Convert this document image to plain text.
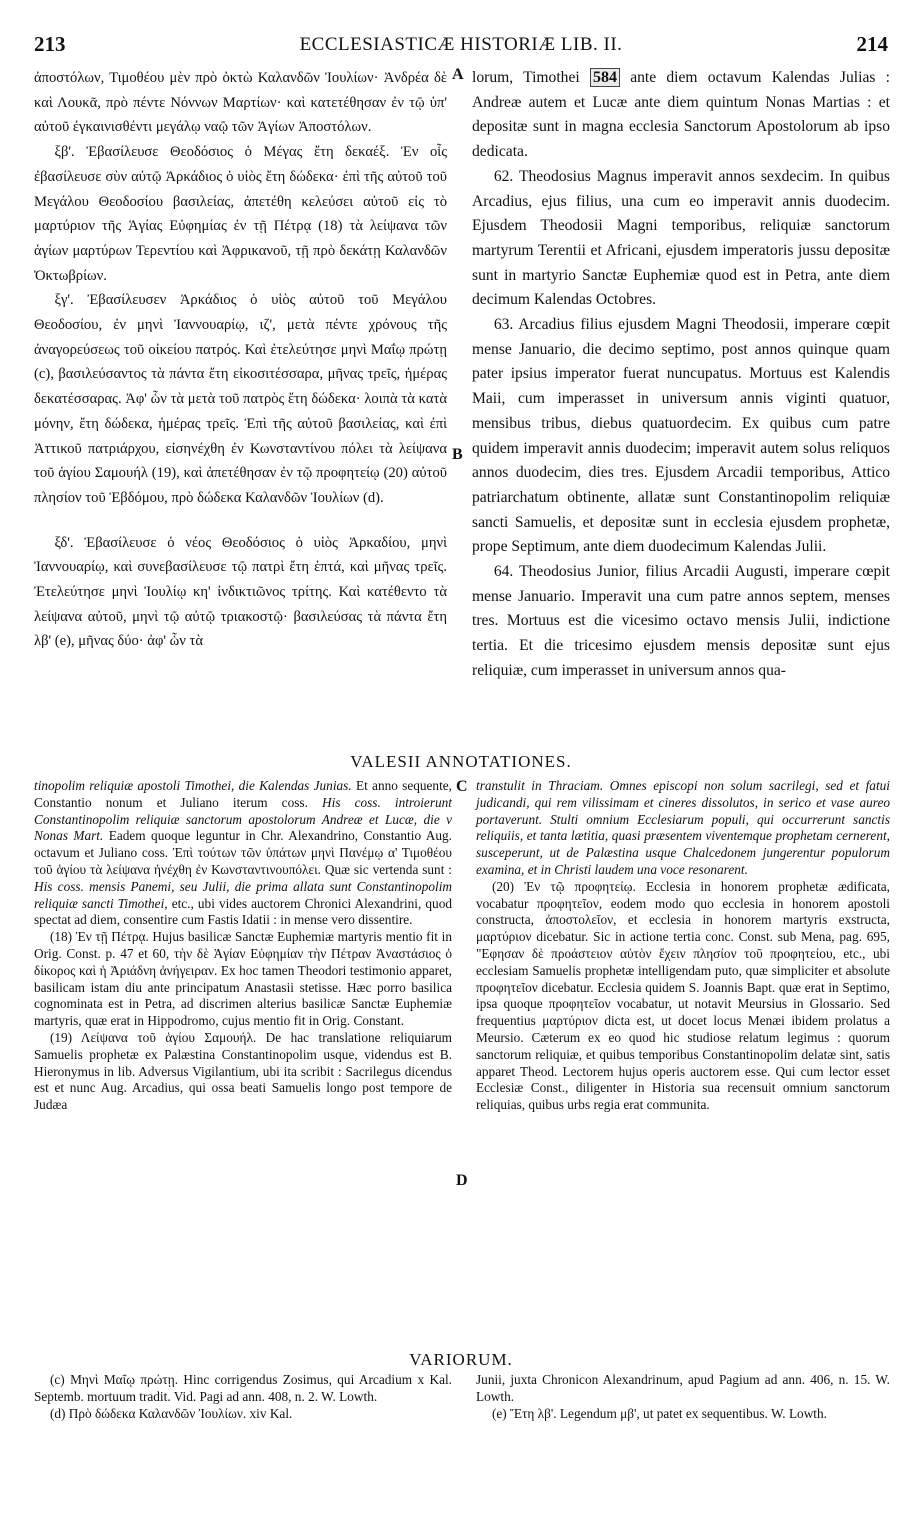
213	ECCLESIASTICÆ HISTORIÆ LIB. II.	214

ἀποστόλων, Τιμοθέου μὲν πρὸ ὀκτὼ Καλανδῶν Ἰουλίων· Ἀνδρέα δὲ καὶ Λουκᾶ, πρὸ πέντε Νόννων Μαρτίων· καὶ κατετέθησαν ἐν τῷ ὑπ' αὐτοῦ ἐγκαινισθέντι μεγάλῳ ναῷ τῶν Ἁγίων Ἀποστόλων.

ξβ'. Ἐβασίλευσε Θεοδόσιος ὁ Μέγας ἔτη δεκαέξ. Ἐν οἷς ἐβασίλευσε σὺν αὐτῷ Ἀρκάδιος ὁ υἱὸς ἔτη δώδεκα· ἐπὶ τῆς αὐτοῦ τοῦ Μεγάλου Θεοδοσίου βασιλείας, ἀπετέθη κελεύσει αὐτοῦ εἰς τὸ μαρτύριον τῆς Ἁγίας Εὐφημίας ἐν τῇ Πέτρᾳ (18) τὰ λείψανα τῶν ἁγίων μαρτύρων Τερεντίου καὶ Ἀφρικανοῦ, τῇ πρὸ δεκάτῃ Καλανδῶν Ὀκτωβρίων.

ξγ'. Ἐβασίλευσεν Ἀρκάδιος ὁ υἱὸς αὐτοῦ τοῦ Μεγάλου Θεοδοσίου, ἐν μηνὶ Ἰαννουαρίῳ, ιζ', μετὰ πέντε χρόνους τῆς ἀναγορεύσεως τοῦ οἰκείου πατρός. Καὶ ἐτελεύτησε μηνὶ Μαΐῳ πρώτῃ (c), βασιλεύσαντος τὰ πάντα ἔτη εἰκοσιτέσσαρα, μῆνας τρεῖς, ἡμέρας δεκατέσσαρας. Ἀφ' ὧν τὰ μετὰ τοῦ πατρὸς ἔτη δώδεκα· λοιπὰ τὰ κατὰ μόνην, ἔτη δώδεκα, ἡμέρας τρεῖς. Ἐπὶ τῆς αὐτοῦ βασιλείας, καὶ ἐπὶ Ἀττικοῦ πατριάρχου, εἰσηνέχθη ἐν Κωνσταντίνου πόλει τὰ λείψανα τοῦ ἁγίου Σαμουήλ (19), καὶ ἀπετέθησαν ἐν τῷ προφητείῳ (20) αὐτοῦ πλησίον τοῦ Ἑβδόμου, πρὸ δώδεκα Καλανδῶν Ἰουλίων (d).

ξδ'. Ἐβασίλευσε ὁ νέος Θεοδόσιος ὁ υἱὸς Ἀρκαδίου, μηνὶ Ἰαννουαρίῳ, καὶ συνεβασίλευσε τῷ πατρὶ ἔτη ἑπτά, καὶ μῆνας τρεῖς. Ἐτελεύτησε μηνὶ Ἰουλίῳ κη' ἰνδικτιῶνος τρίτης. Καὶ κατέθεντο τὰ λείψανα αὐτοῦ, μηνὶ τῷ αὐτῷ τριακοστῷ· βασιλεύσας τὰ πάντα ἔτη λβ' (e), μῆνας δύο· ἀφ' ὧν τὰ

A
B
C
D

lorum, Timothei 584 ante diem octavum Kalendas Julias : Andreæ autem et Lucæ ante diem quintum Nonas Martias : et depositæ sunt in magna ecclesia Sanctorum Apostolorum ab ipso dedicata.

62. Theodosius Magnus imperavit annos sexdecim. In quibus Arcadius, ejus filius, una cum eo imperavit annis duodecim. Ejusdem Theodosii Magni temporibus, reliquiæ sanctorum martyrum Terentii et Africani, ejusdem imperatoris jussu depositæ sunt in martyrio Sanctæ Euphemiæ quod est in Petra, ante diem decimum Kalendas Octobres.

63. Arcadius filius ejusdem Magni Theodosii, imperare cœpit mense Januario, die decimo septimo, post annos quinque quam pater ipsius imperator fuerat nuncupatus. Mortuus est Kalendis Maii, cum imperasset in universum annis viginti quatuor, mensibus tribus, diebus quatuordecim. Ex quibus cum patre quidem imperavit annis duodecim; imperavit autem solus reliquos annos duodecim, dies tres. Ejusdem Arcadii temporibus, Attico patriarchatum obtinente, allatæ sunt Constantinopolim reliquiæ sancti Samuelis, et depositæ sunt in ecclesia ejusdem prophetæ, prope Septimum, ante diem duodecimum Kalendas Julii.

64. Theodosius Junior, filius Arcadii Augusti, imperare cœpit mense Januario. Imperavit una cum patre annos septem, menses tres. Mortuus est die vicesimo octavo mensis Julii, indictione tertia. Et die tricesimo ejusdem mensis depositæ sunt ejus reliquiæ, cum imperasset in universum annos qua-

VALESII ANNOTATIONES.

tinopolim reliquiæ apostoli Timothei, die Kalendas Junias. Et anno sequente, Constantio nonum et Juliano iterum coss. His coss. introierunt Constantinopolim reliquiæ sanctorum apostolorum Andreæ et Lucæ, die v Nonas Mart. Eadem quoque leguntur in Chr. Alexandrino, Constantio Aug. octavum et Juliano coss. Ἐπὶ τούτων τῶν ὑπάτων μηνὶ Πανέμῳ α' Τιμοθέου τοῦ ἁγίου τὰ λείψανα ἠνέχθη ἐν Κωνσταντινουπόλει. Quæ sic vertenda sunt : His coss. mensis Panemi, seu Julii, die prima allata sunt Constantinopolim reliquiæ sancti Timothei, etc., ubi vides auctorem Chronici Alexandrini, quod spectat ad diem, consentire cum Fastis Idatii : in mense vero dissentire.

(18) Ἐν τῇ Πέτρᾳ. Hujus basilicæ Sanctæ Euphemiæ martyris mentio fit in Orig. Const. p. 47 et 60, τὴν δὲ Ἁγίαν Εὐφημίαν τὴν Πέτραν Ἀναστάσιος ὁ δίκορος καὶ ἡ Ἀριάδνη ἀνήγειραν. Ex hoc tamen Theodori testimonio apparet, basilicam istam diu ante principatum Anastasii stetisse. Hæc porro basilica cognominata est in Petra, ad discrimen alterius basilicæ Sanctæ Euphemiæ martyris, quæ erat in Hippodromo, cujus mentio fit in Orig. Constant.

(19) Λείψανα τοῦ ἁγίου Σαμουήλ. De hac translatione reliquiarum Samuelis prophetæ ex Palæstina Constantinopolim usque, videndus est B. Hieronymus in lib. Adversus Vigilantium, ubi ita scribit : Sacrilegus dicendus est et nunc Aug. Arcadius, qui ossa beati Samuelis longo post tempore de Judæa

transtulit in Thraciam. Omnes episcopi non solum sacrilegi, sed et fatui judicandi, qui rem vilissimam et cineres dissolutos, in serico et vase aureo portaverunt. Stulti omnium Ecclesiarum populi, qui occurrerunt sanctis reliquiis, et tanta lætitia, quasi præsentem viventemque prophetam cernerent, susceperunt, ut de Palæstina usque Chalcedonem jungerentur populorum examina, et in Christi laudem una voce resonarent.

(20) Ἐν τῷ προφητείῳ. Ecclesia in honorem prophetæ ædificata, vocabatur προφητεῖον, eodem modo quo ecclesia in honorem apostoli constructa, ἀποστολεῖον, et ecclesia in honorem martyris exstructa, μαρτύριον dicebatur. Sic in actione tertia conc. Const. sub Mena, pag. 695, "Εφησαν δὲ προάστειον αὐτὸν ἔχειν πλησίον τοῦ προφητείου, etc., ubi ecclesiam Samuelis prophetæ intelligendam puto, quæ simpliciter et absolute προφητεῖον dicebatur. Ecclesia quidem S. Joannis Bapt. quæ erat in Septimo, ipsa quoque προφητεῖον vocabatur, ut notavit Meursius in Glossario. Sed frequentius μαρτύριον dicta est, ut docet locus Menæi ibidem prolatus a Meursio. Cæterum ex eo quod hic studiose relatum legimus : quorum sanctorum reliquiæ, et quibus temporibus Constantinopolim delatæ sint, satis apparet Theod. Lectorem hujus operis auctorem esse. Qui cum lector esset Ecclesiæ Const., diligenter in Historia sua recensuit omnium sanctorum reliquias, quibus urbs regia erat communita.

VARIORUM.

(c) Μηνὶ Μαΐῳ πρώτῃ. Hinc corrigendus Zosimus, qui Arcadium x Kal. Septemb. mortuum tradit. Vid. Pagi ad ann. 408, n. 2. W. Lowth.

(d) Πρὸ δώδεκα Καλανδῶν Ἰουλίων. xiv Kal.

Junii, juxta Chronicon Alexandrinum, apud Pagium ad ann. 406, n. 15. W. Lowth.

(e) Ἔτη λβ'. Legendum μβ', ut patet ex sequentibus. W. Lowth.
